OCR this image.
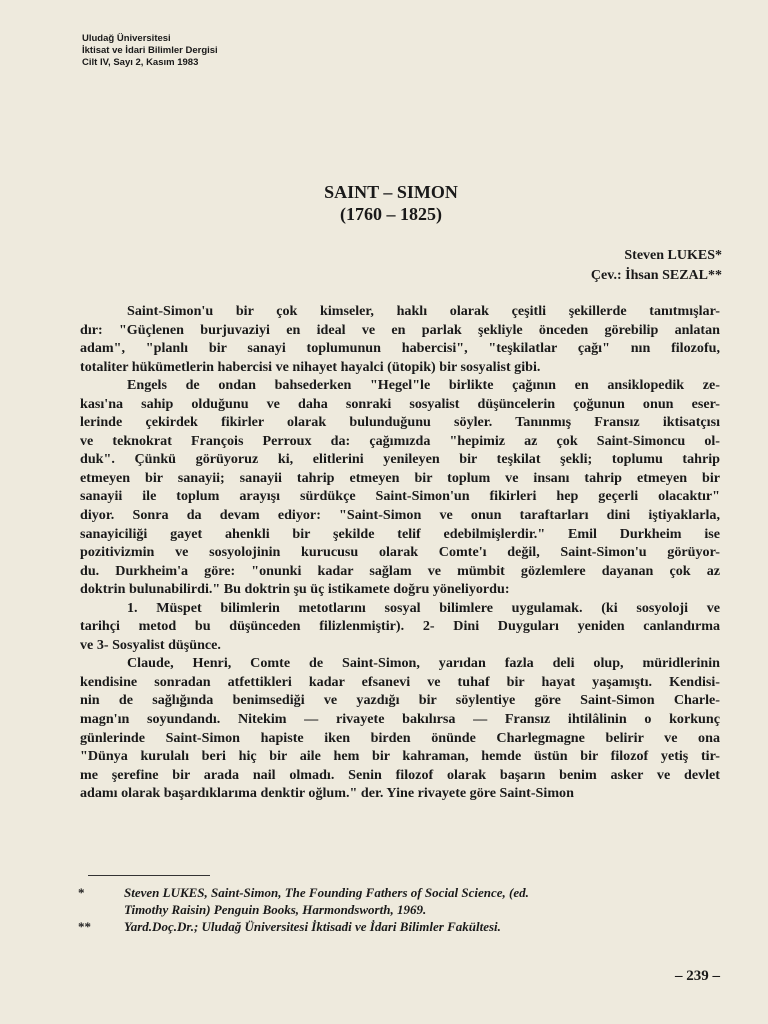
Uludağ Üniversitesi
İktisat ve İdari Bilimler Dergisi
Cilt IV, Sayı 2, Kasım 1983
SAINT – SIMON
(1760 – 1825)
Steven LUKES*
Çev.: İhsan SEZAL**
Saint-Simon'u bir çok kimseler, haklı olarak çeşitli şekillerde tanıtmışlar-
dır: "Güçlenen burjuvaziyi en ideal ve en parlak şekliyle önceden görebilip anlatan
adam", "planlı bir sanayi toplumunun habercisi", "teşkilatlar çağı" nın filozofu,
totaliter hükümetlerin habercisi ve nihayet hayalci (ütopik) bir sosyalist gibi.
Engels de ondan bahsederken "Hegel"le birlikte çağının en ansiklopedik ze-
kası'na sahip olduğunu ve daha sonraki sosyalist düşüncelerin çoğunun onun eser-
lerinde çekirdek fikirler olarak bulunduğunu söyler. Tanınmış Fransız iktisatçısı
ve teknokrat François Perroux da: çağımızda "hepimiz az çok Saint-Simoncu ol-
duk". Çünkü görüyoruz ki, elitlerini yenileyen bir teşkilat şekli; toplumu tahrip
etmeyen bir sanayii; sanayii tahrip etmeyen bir toplum ve insanı tahrip etmeyen bir
sanayii ile toplum arayışı sürdükçe Saint-Simon'un fikirleri hep geçerli olacaktır"
diyor. Sonra da devam ediyor: "Saint-Simon ve onun taraftarları dini iştiyaklarla,
sanayiciliği gayet ahenkli bir şekilde telif edebilmişlerdir." Emil Durkheim ise
pozitivizmin ve sosyolojinin kurucusu olarak Comte'ı değil, Saint-Simon'u görüyor-
du. Durkheim'a göre: "onunki kadar sağlam ve mümbit gözlemlere dayanan çok az
doktrin bulunabilirdi." Bu doktrin şu üç istikamete doğru yöneliyordu:
1. Müspet bilimlerin metotlarını sosyal bilimlere uygulamak. (ki sosyoloji ve
tarihçi metod bu düşünceden filizlenmiştir). 2- Dini Duyguları yeniden canlandırma
ve 3- Sosyalist düşünce.
Claude, Henri, Comte de Saint-Simon, yarıdan fazla deli olup, müridlerinin
kendisine sonradan atfettikleri kadar efsanevi ve tuhaf bir hayat yaşamıştı. Kendisi-
nin de sağlığında benimsediği ve yazdığı bir söylentiye göre Saint-Simon Charle-
magn'ın soyundandı. Nitekim — rivayete bakılırsa — Fransız ihtilâlinin o korkunç
günlerinde Saint-Simon hapiste iken birden önünde Charlegmagne belirir ve ona
"Dünya kurulalı beri hiç bir aile hem bir kahraman, hemde üstün bir filozof yetiş tir-
me şerefine bir arada nail olmadı. Senin filozof olarak başarın benim asker ve devlet
adamı olarak başardıklarıma denktir oğlum." der. Yine rivayete göre Saint-Simon
*	Steven LUKES, Saint-Simon, The Founding Fathers of Social Science, (ed.
Timothy Raisin) Penguin Books, Harmondsworth, 1969.
**	Yard.Doç.Dr.; Uludağ Üniversitesi İktisadi ve İdari Bilimler Fakültesi.
– 239 –
